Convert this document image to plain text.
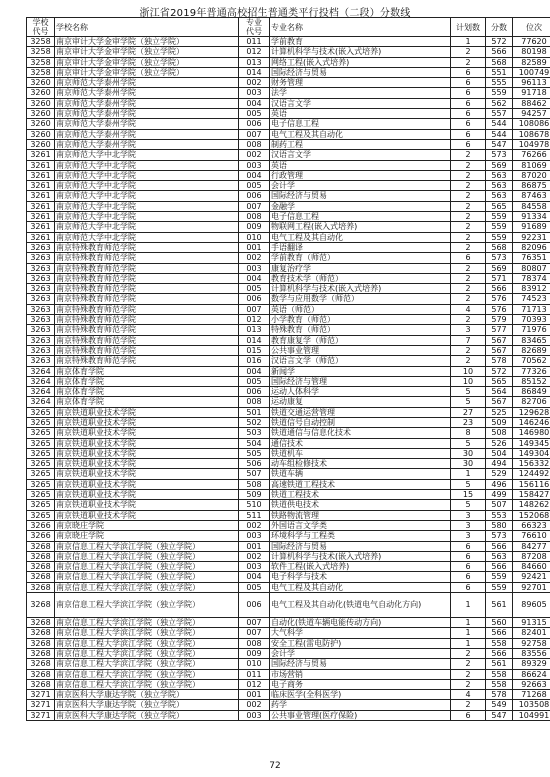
浙江省2019年普通高校招生普通类平行投档（二段）分数线
学校
代号	学校名称	专业
代号	专业名称	计划数	分数	位次
3258	南京审计大学金审学院（独立学院）	011	学前教育	1	572	77620
3258	南京审计大学金审学院（独立学院）	012	计算机科学与技术(嵌入式培养)	2	566	80198
3258	南京审计大学金审学院（独立学院）	013	网络工程(嵌入式培养)	2	568	82589
3258	南京审计大学金审学院（独立学院）	014	国际经济与贸易	6	551	100749
3260	南京师范大学泰州学院	002	财务管理	6	555	96113
3260	南京师范大学泰州学院	003	法学	6	559	91718
3260	南京师范大学泰州学院	004	汉语言文学	6	562	88462
3260	南京师范大学泰州学院	005	英语	6	557	94257
3260	南京师范大学泰州学院	006	电子信息工程	6	544	108086
3260	南京师范大学泰州学院	007	电气工程及其自动化	6	544	108678
3260	南京师范大学泰州学院	008	制药工程	6	547	104978
3261	南京师范大学中北学院	002	汉语言文学	2	573	76266
3261	南京师范大学中北学院	003	英语	2	569	81069
3261	南京师范大学中北学院	004	行政管理	2	563	87020
3261	南京师范大学中北学院	005	会计学	2	563	86875
3261	南京师范大学中北学院	006	国际经济与贸易	2	563	87463
3261	南京师范大学中北学院	007	金融学	2	565	84558
3261	南京师范大学中北学院	008	电子信息工程	2	559	91334
3261	南京师范大学中北学院	009	物联网工程(嵌入式培养)	2	559	91689
3261	南京师范大学中北学院	010	电气工程及其自动化	2	559	92231
3263	南京特殊教育师范学院	001	手语翻译	2	568	82096
3263	南京特殊教育师范学院	002	学前教育（师范）	6	573	76351
3263	南京特殊教育师范学院	003	康复治疗学	2	569	80807
3263	南京特殊教育师范学院	004	教育技术学（师范）	2	571	78374
3263	南京特殊教育师范学院	005	计算机科学与技术(嵌入式培养)	2	566	83912
3263	南京特殊教育师范学院	006	数学与应用数学（师范）	2	576	74523
3263	南京特殊教育师范学院	007	英语（师范）	4	576	71713
3263	南京特殊教育师范学院	012	小学教育（师范）	2	579	70393
3263	南京特殊教育师范学院	013	特殊教育（师范）	3	577	71976
3263	南京特殊教育师范学院	014	教育康复学（师范）	7	567	83465
3263	南京特殊教育师范学院	015	公共事业管理	2	567	82689
3263	南京特殊教育师范学院	016	汉语言文学（师范）	2	578	70562
3264	南京体育学院	004	新闻学	10	572	77326
3264	南京体育学院	005	国际经济与管理	10	565	85152
3264	南京体育学院	006	运动人体科学	5	564	86849
3264	南京体育学院	008	运动康复	5	567	82706
3265	南京铁道职业技术学院	501	铁道交通运营管理	27	525	129628
3265	南京铁道职业技术学院	502	铁道信号自动控制	23	509	146246
3265	南京铁道职业技术学院	503	铁道通信与信息化技术	8	508	146980
3265	南京铁道职业技术学院	504	通信技术	5	526	149345
3265	南京铁道职业技术学院	505	铁道机车	30	504	149304
3265	南京铁道职业技术学院	506	动车组检修技术	30	494	156332
3265	南京铁道职业技术学院	507	铁道车辆	1	529	124492
3265	南京铁道职业技术学院	508	高速铁道工程技术	5	496	156116
3265	南京铁道职业技术学院	509	铁道工程技术	15	499	158427
3265	南京铁道职业技术学院	510	铁道供电技术	5	507	148262
3265	南京铁道职业技术学院	511	铁路物流管理	3	553	152068
3266	南京晓庄学院	002	外国语言文学类	3	580	66323
3266	南京晓庄学院	003	环境科学与工程类	3	573	76610
3268	南京信息工程大学滨江学院（独立学院）	001	国际经济与贸易	6	566	84277
3268	南京信息工程大学滨江学院（独立学院）	002	计算机科学与技术(嵌入式培养)	6	563	87208
3268	南京信息工程大学滨江学院（独立学院）	003	软件工程(嵌入式培养)	6	566	84660
3268	南京信息工程大学滨江学院（独立学院）	004	电子科学与技术	6	559	92421
3268	南京信息工程大学滨江学院（独立学院）	005	电气工程及其自动化	6	559	92701
3268	南京信息工程大学滨江学院（独立学院）	006	电气工程及其自动化(铁道电气自动化方向)	1	561	89605
3268	南京信息工程大学滨江学院（独立学院）	007	自动化(铁道车辆电能传动方向)	1	560	91315
3268	南京信息工程大学滨江学院（独立学院）	007	大气科学	1	566	82401
3268	南京信息工程大学滨江学院（独立学院）	008	安全工程(雷电防护)	1	558	92758
3268	南京信息工程大学滨江学院（独立学院）	009	会计学	2	566	83556
3268	南京信息工程大学滨江学院（独立学院）	010	国际经济与贸易	2	561	89329
3268	南京信息工程大学滨江学院（独立学院）	011	市场营销	2	558	86624
3268	南京信息工程大学滨江学院（独立学院）	012	电子商务	2	558	92663
3271	南京医科大学康达学院（独立学院）	001	临床医学(全科医学)	4	578	71268
3271	南京医科大学康达学院（独立学院）	002	药学	2	549	103508
3271	南京医科大学康达学院（独立学院）	003	公共事业管理(医疗保险)	6	547	104991
72
